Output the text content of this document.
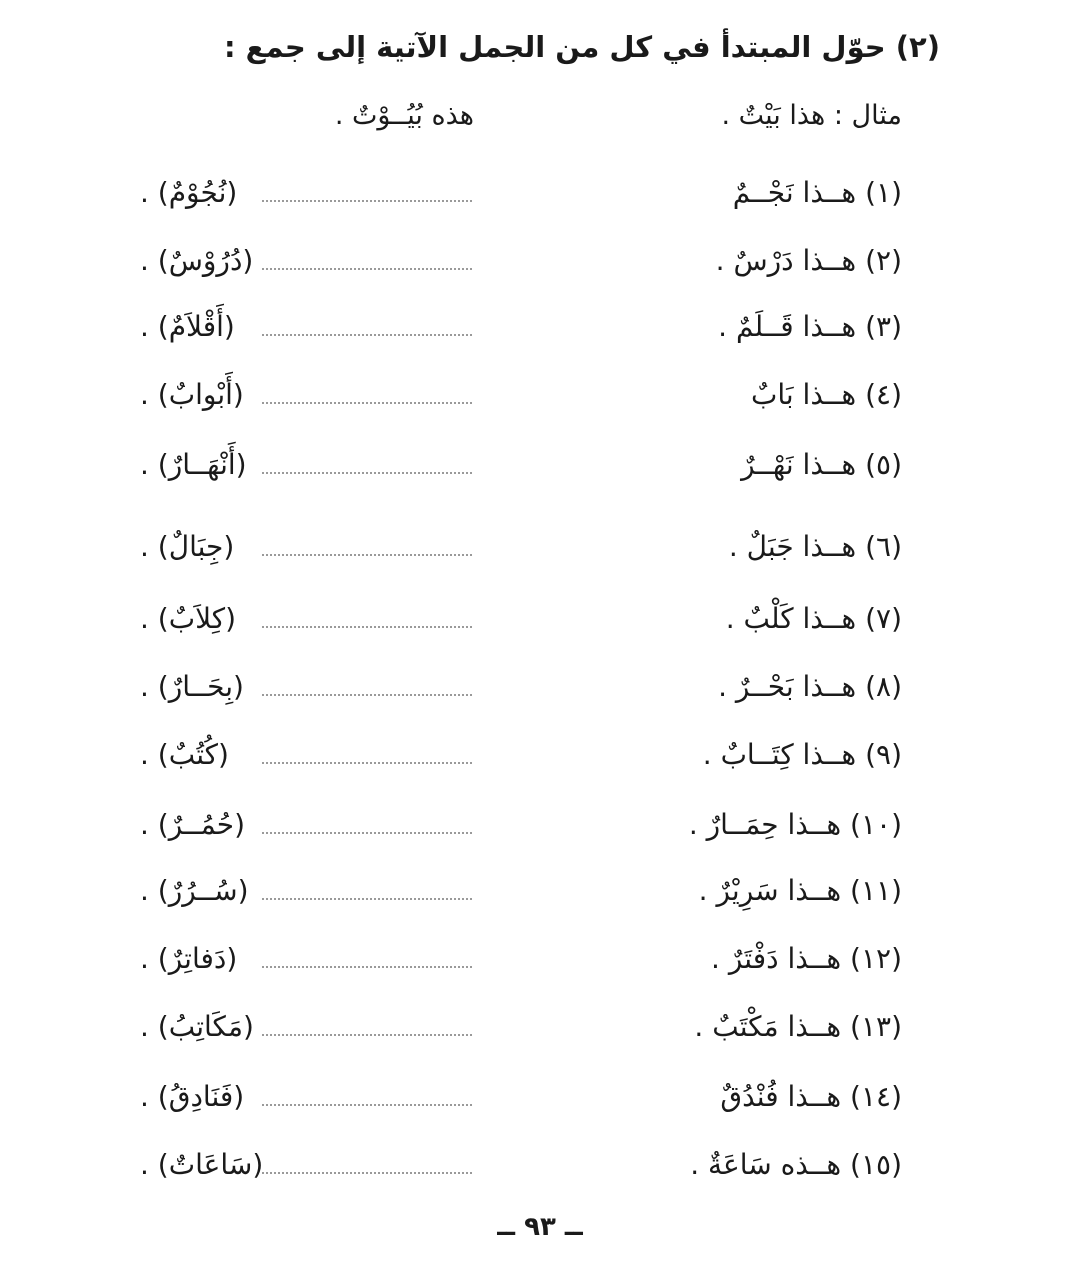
(٢) حوّل المبتدأ في كل من الجمل الآتية إلى جمع :
مثال : هذا بَيْتٌ .
هذه بُيُــوْتٌ .
(١) هــذا نَجْــمٌ
(نُجُوْمٌ) .
(٢) هــذا دَرْسٌ .
(دُرُوْسٌ) .
(٣) هــذا قَــلَمٌ .
(أَقْلاَمٌ) .
(٤) هــذا بَابٌ
(أَبْوابٌ) .
(٥) هــذا نَهْــرٌ
(أَنْهَــارٌ) .
(٦) هــذا جَبَلٌ .
(جِبَالٌ) .
(٧) هــذا كَلْبٌ .
(كِلاَبٌ) .
(٨) هــذا بَحْــرٌ .
(بِحَــارٌ) .
(٩) هــذا كِتَــابٌ .
(كُتُبٌ) .
(١٠) هــذا حِمَــارٌ .
(حُمُــرٌ) .
(١١) هــذا سَرِيْرٌ .
(سُــرُرٌ) .
(١٢) هــذا دَفْتَرٌ .
(دَفاتِرٌ) .
(١٣) هــذا مَكْتَبٌ .
(مَكَاتِبُ) .
(١٤) هــذا فُنْدُقٌ
(فَنَادِقُ) .
(١٥) هــذه سَاعَةٌ .
(سَاعَاتٌ) .
ــ ٩٣ ــ
